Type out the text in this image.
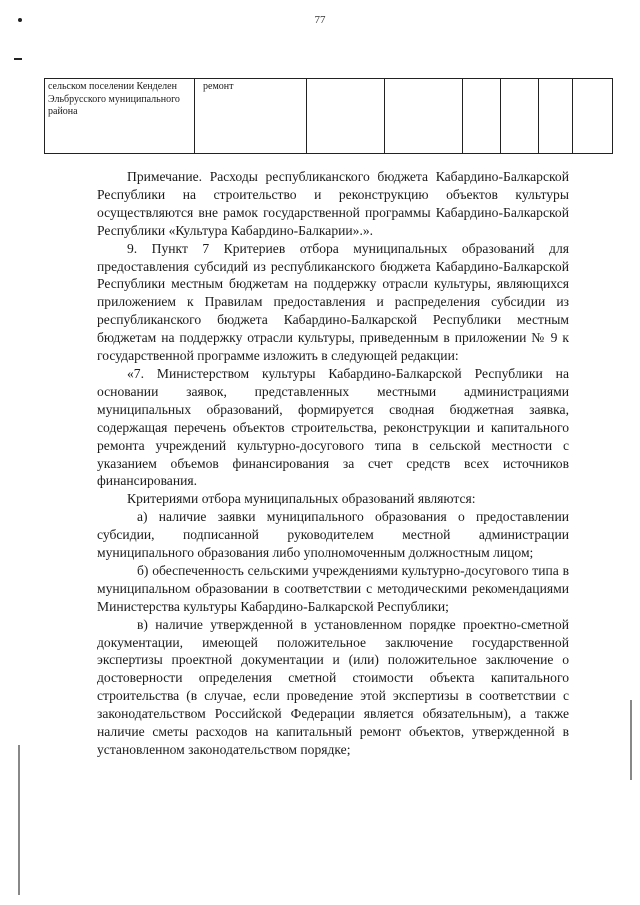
77
сельском поселении Кенделен Эльбрусского муниципального района	ремонт						

Примечание. Расходы республиканского бюджета Кабардино-Балкарской Республики на строительство и реконструкцию объектов культуры осуществляются вне рамок государственной программы Кабардино-Балкарской Республики «Культура Кабардино-Балкарии».».

9. Пункт 7 Критериев отбора муниципальных образований для предоставления субсидий из республиканского бюджета Кабардино-Балкарской Республики местным бюджетам на поддержку отрасли культуры, являющихся приложением к Правилам предоставления и распределения субсидии из республиканского бюджета Кабардино-Балкарской Республики местным бюджетам на поддержку отрасли культуры, приведенным в приложении № 9 к государственной программе изложить в следующей редакции:

«7. Министерством культуры Кабардино-Балкарской Республики на основании заявок, представленных местными администрациями муниципальных образований, формируется сводная бюджетная заявка, содержащая перечень объектов строительства, реконструкции и капитального ремонта учреждений культурно-досугового типа в сельской местности с указанием объемов финансирования за счет средств всех источников финансирования.

Критериями отбора муниципальных образований являются:

а) наличие заявки муниципального образования о предоставлении субсидии, подписанной руководителем местной администрации муниципального образования либо уполномоченным должностным лицом;

б) обеспеченность сельскими учреждениями культурно-досугового типа в муниципальном образовании в соответствии с методическими рекомендациями Министерства культуры Кабардино-Балкарской Республики;

в) наличие утвержденной в установленном порядке проектно-сметной документации, имеющей положительное заключение государственной экспертизы проектной документации и (или) положительное заключение о достоверности определения сметной стоимости объекта капитального строительства (в случае, если проведение этой экспертизы в соответствии с законодательством Российской Федерации является обязательным), а также наличие сметы расходов на капитальный ремонт объектов, утвержденной в установленном законодательством порядке;
